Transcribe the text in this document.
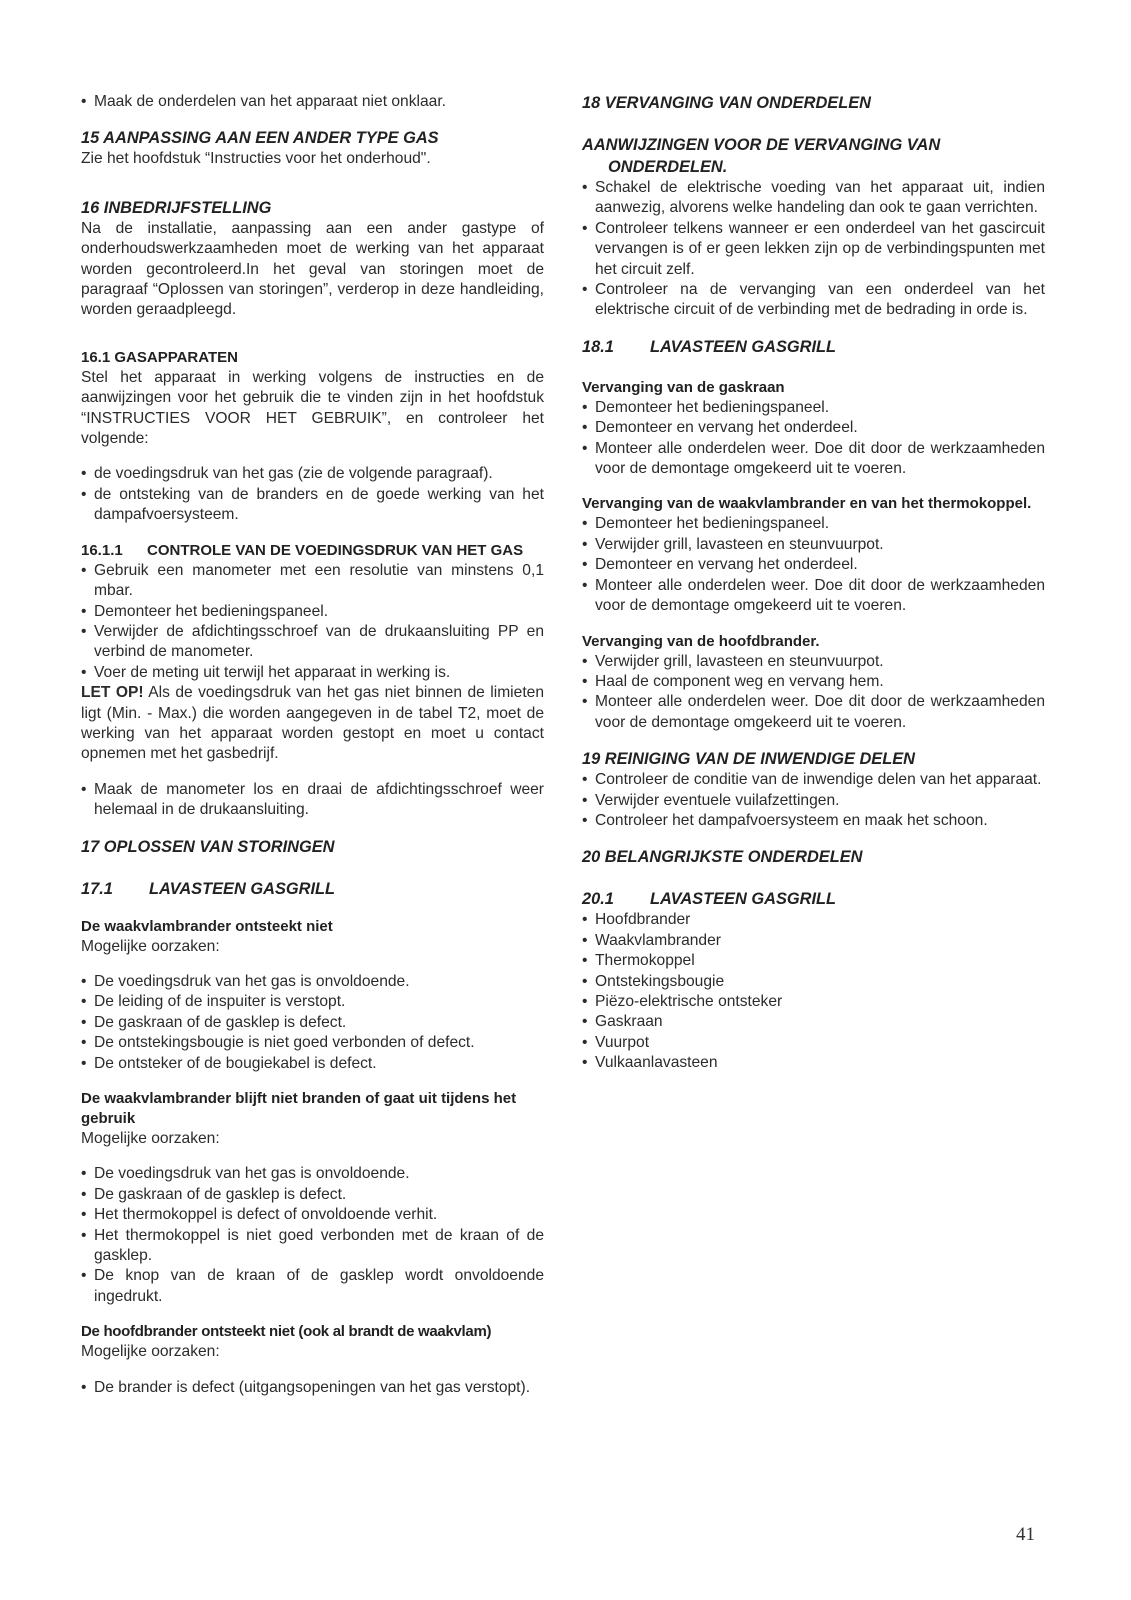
• Maak de onderdelen van het apparaat niet onklaar.
15 AANPASSING AAN EEN ANDER TYPE GAS
Zie het hoofdstuk “Instructies voor het onderhoud".
16 INBEDRIJFSTELLING
Na de installatie, aanpassing aan een ander gastype of onderhoudswerkzaamheden moet de werking van het apparaat worden gecontroleerd.In het geval van storingen moet de paragraaf “Oplossen van storingen”, verderop in deze handleiding, worden geraadpleegd.
16.1 GASAPPARATEN
Stel het apparaat in werking volgens de instructies en de aanwijzingen voor het gebruik die te vinden zijn in het hoofdstuk “INSTRUCTIES VOOR HET GEBRUIK”, en controleer het volgende:
• de voedingsdruk van het gas (zie de volgende paragraaf).
• de ontsteking van de branders en de goede werking van het dampafvoersysteem.
16.1.1 CONTROLE VAN DE VOEDINGSDRUK VAN HET GAS
• Gebruik een manometer met een resolutie van minstens 0,1 mbar.
• Demonteer het bedieningspaneel.
• Verwijder de afdichtingsschroef van de drukaansluiting PP en verbind de manometer.
• Voer de meting uit terwijl het apparaat in werking is.
LET OP! Als de voedingsdruk van het gas niet binnen de limieten ligt (Min. - Max.) die worden aangegeven in de tabel T2, moet de werking van het apparaat worden gestopt en moet u contact opnemen met het gasbedrijf.
• Maak de manometer los en draai de afdichtingsschroef weer helemaal in de drukaansluiting.
17 OPLOSSEN VAN STORINGEN
17.1 LAVASTEEN GASGRILL
De waakvlambrander ontsteekt niet
Mogelijke oorzaken:
• De voedingsdruk van het gas is onvoldoende.
• De leiding of de inspuiter is verstopt.
• De gaskraan of de gasklep is defect.
• De ontstekingsbougie is niet goed verbonden of defect.
• De ontsteker of de bougiekabel is defect.
De waakvlambrander blijft niet branden of gaat uit tijdens het gebruik
Mogelijke oorzaken:
• De voedingsdruk van het gas is onvoldoende.
• De gaskraan of de gasklep is defect.
• Het thermokoppel is defect of onvoldoende verhit.
• Het thermokoppel is niet goed verbonden met de kraan of de gasklep.
• De knop van de kraan of de gasklep wordt onvoldoende ingedrukt.
De hoofdbrander ontsteekt niet (ook al brandt de waakvlam)
Mogelijke oorzaken:
• De brander is defect (uitgangsopeningen van het gas verstopt).
18 VERVANGING VAN ONDERDELEN
AANWIJZINGEN VOOR DE VERVANGING VAN ONDERDELEN.
• Schakel de elektrische voeding van het apparaat uit, indien aanwezig, alvorens welke handeling dan ook te gaan verrichten.
• Controleer telkens wanneer er een onderdeel van het gascircuit vervangen is of er geen lekken zijn op de verbindingspunten met het circuit zelf.
• Controleer na de vervanging van een onderdeel van het elektrische circuit of de verbinding met de bedrading in orde is.
18.1 LAVASTEEN GASGRILL
Vervanging van de gaskraan
• Demonteer het bedieningspaneel.
• Demonteer en vervang het onderdeel.
• Monteer alle onderdelen weer. Doe dit door de werkzaamheden voor de demontage omgekeerd uit te voeren.
Vervanging van de waakvlambrander en van het thermokoppel.
• Demonteer het bedieningspaneel.
• Verwijder grill, lavasteen en steunvuurpot.
• Demonteer en vervang het onderdeel.
• Monteer alle onderdelen weer. Doe dit door de werkzaamheden voor de demontage omgekeerd uit te voeren.
Vervanging van de hoofdbrander.
• Verwijder grill, lavasteen en steunvuurpot.
• Haal de component weg en vervang hem.
• Monteer alle onderdelen weer. Doe dit door de werkzaamheden voor de demontage omgekeerd uit te voeren.
19 REINIGING VAN DE INWENDIGE DELEN
• Controleer de conditie van de inwendige delen van het apparaat.
• Verwijder eventuele vuilafzettingen.
• Controleer het dampafvoersysteem en maak het schoon.
20 BELANGRIJKSTE ONDERDELEN
20.1 LAVASTEEN GASGRILL
• Hoofdbrander
• Waakvlambrander
• Thermokoppel
• Ontstekingsbougie
• Piëzo-elektrische ontsteker
• Gaskraan
• Vuurpot
• Vulkaanlavasteen
41
